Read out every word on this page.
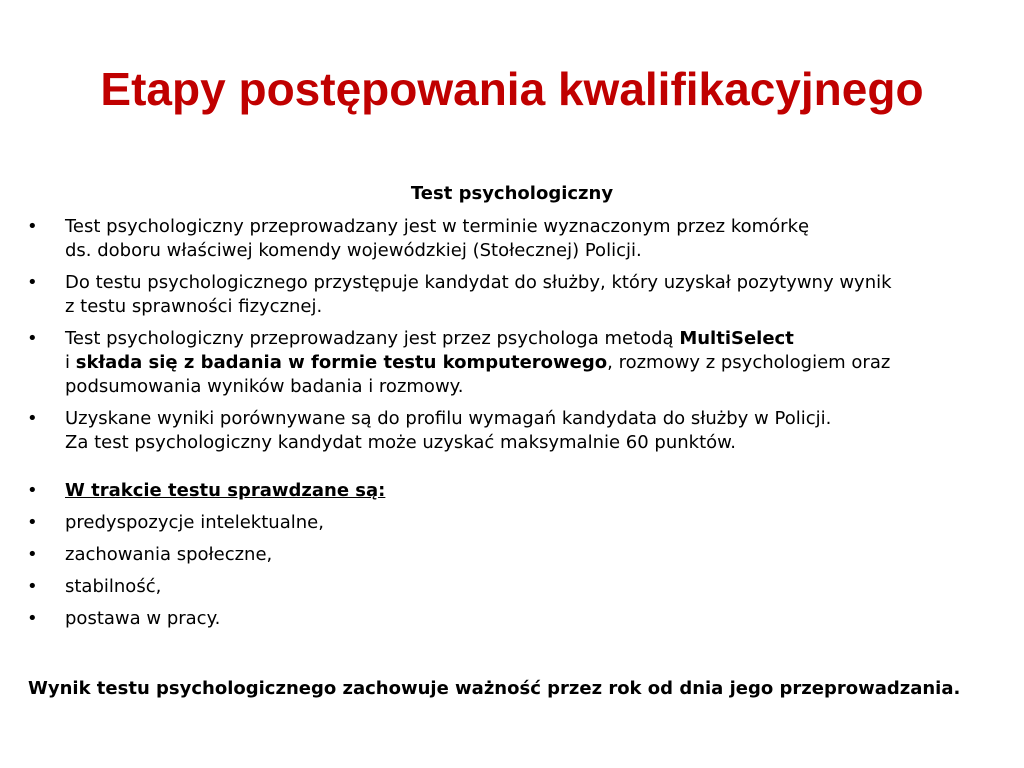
Etapy postępowania kwalifikacyjnego

Test psychologiczny

•	Test psychologiczny przeprowadzany jest w terminie wyznaczonym przez komórkę
ds. doboru właściwej komendy wojewódzkiej (Stołecznej) Policji.
•	Do testu psychologicznego przystępuje kandydat do służby, który uzyskał pozytywny wynik
z testu sprawności fizycznej.
•	Test psychologiczny przeprowadzany jest przez psychologa metodą MultiSelect
i składa się z badania w formie testu komputerowego, rozmowy z psychologiem oraz
podsumowania wyników badania i rozmowy.
•	Uzyskane wyniki porównywane są do profilu wymagań kandydata do służby w Policji.
Za test psychologiczny kandydat może uzyskać maksymalnie 60 punktów.
•	W trakcie testu sprawdzane są:
•	predyspozycje intelektualne,
•	zachowania społeczne,
•	stabilność,
•	postawa w pracy.

Wynik testu psychologicznego zachowuje ważność przez rok od dnia jego przeprowadzania.
